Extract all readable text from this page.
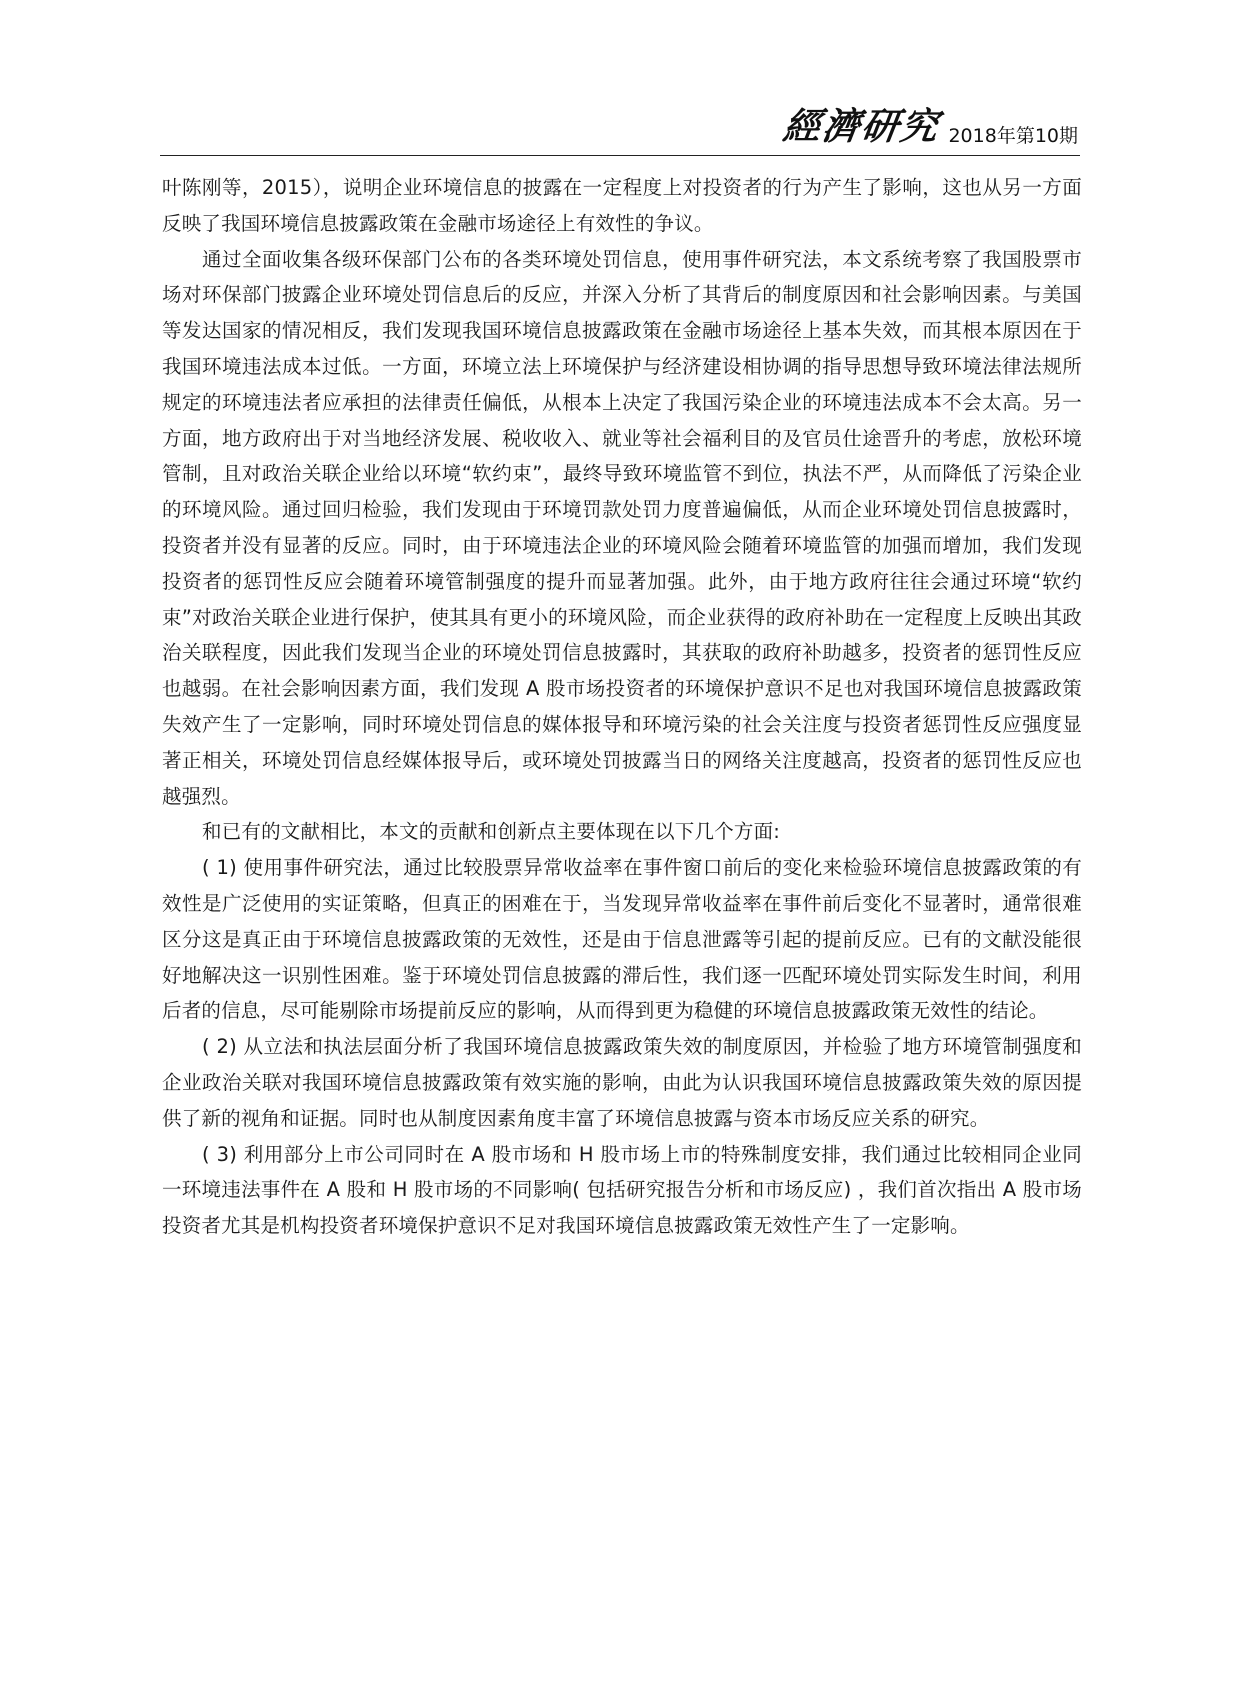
經濟研究 2018年第10期

叶陈刚等，2015），说明企业环境信息的披露在一定程度上对投资者的行为产生了影响，这也从另一方面反映了我国环境信息披露政策在金融市场途径上有效性的争议。

通过全面收集各级环保部门公布的各类环境处罚信息，使用事件研究法，本文系统考察了我国股票市场对环保部门披露企业环境处罚信息后的反应，并深入分析了其背后的制度原因和社会影响因素。与美国等发达国家的情况相反，我们发现我国环境信息披露政策在金融市场途径上基本失效，而其根本原因在于我国环境违法成本过低。一方面，环境立法上环境保护与经济建设相协调的指导思想导致环境法律法规所规定的环境违法者应承担的法律责任偏低，从根本上决定了我国污染企业的环境违法成本不会太高。另一方面，地方政府出于对当地经济发展、税收收入、就业等社会福利目的及官员仕途晋升的考虑，放松环境管制，且对政治关联企业给以环境“软约束”，最终导致环境监管不到位，执法不严，从而降低了污染企业的环境风险。通过回归检验，我们发现由于环境罚款处罚力度普遍偏低，从而企业环境处罚信息披露时，投资者并没有显著的反应。同时，由于环境违法企业的环境风险会随着环境监管的加强而增加，我们发现投资者的惩罚性反应会随着环境管制强度的提升而显著加强。此外，由于地方政府往往会通过环境“软约束”对政治关联企业进行保护，使其具有更小的环境风险，而企业获得的政府补助在一定程度上反映出其政治关联程度，因此我们发现当企业的环境处罚信息披露时，其获取的政府补助越多，投资者的惩罚性反应也越弱。在社会影响因素方面，我们发现 A 股市场投资者的环境保护意识不足也对我国环境信息披露政策失效产生了一定影响，同时环境处罚信息的媒体报导和环境污染的社会关注度与投资者惩罚性反应强度显著正相关，环境处罚信息经媒体报导后，或环境处罚披露当日的网络关注度越高，投资者的惩罚性反应也越强烈。

和已有的文献相比，本文的贡献和创新点主要体现在以下几个方面:

( 1) 使用事件研究法，通过比较股票异常收益率在事件窗口前后的变化来检验环境信息披露政策的有效性是广泛使用的实证策略，但真正的困难在于，当发现异常收益率在事件前后变化不显著时，通常很难区分这是真正由于环境信息披露政策的无效性，还是由于信息泄露等引起的提前反应。已有的文献没能很好地解决这一识别性困难。鉴于环境处罚信息披露的滞后性，我们逐一匹配环境处罚实际发生时间，利用后者的信息，尽可能剔除市场提前反应的影响，从而得到更为稳健的环境信息披露政策无效性的结论。

( 2) 从立法和执法层面分析了我国环境信息披露政策失效的制度原因，并检验了地方环境管制强度和企业政治关联对我国环境信息披露政策有效实施的影响，由此为认识我国环境信息披露政策失效的原因提供了新的视角和证据。同时也从制度因素角度丰富了环境信息披露与资本市场反应关系的研究。

( 3) 利用部分上市公司同时在 A 股市场和 H 股市场上市的特殊制度安排，我们通过比较相同企业同一环境违法事件在 A 股和 H 股市场的不同影响( 包括研究报告分析和市场反应) ，我们首次指出 A 股市场投资者尤其是机构投资者环境保护意识不足对我国环境信息披露政策无效性产生了一定影响。
